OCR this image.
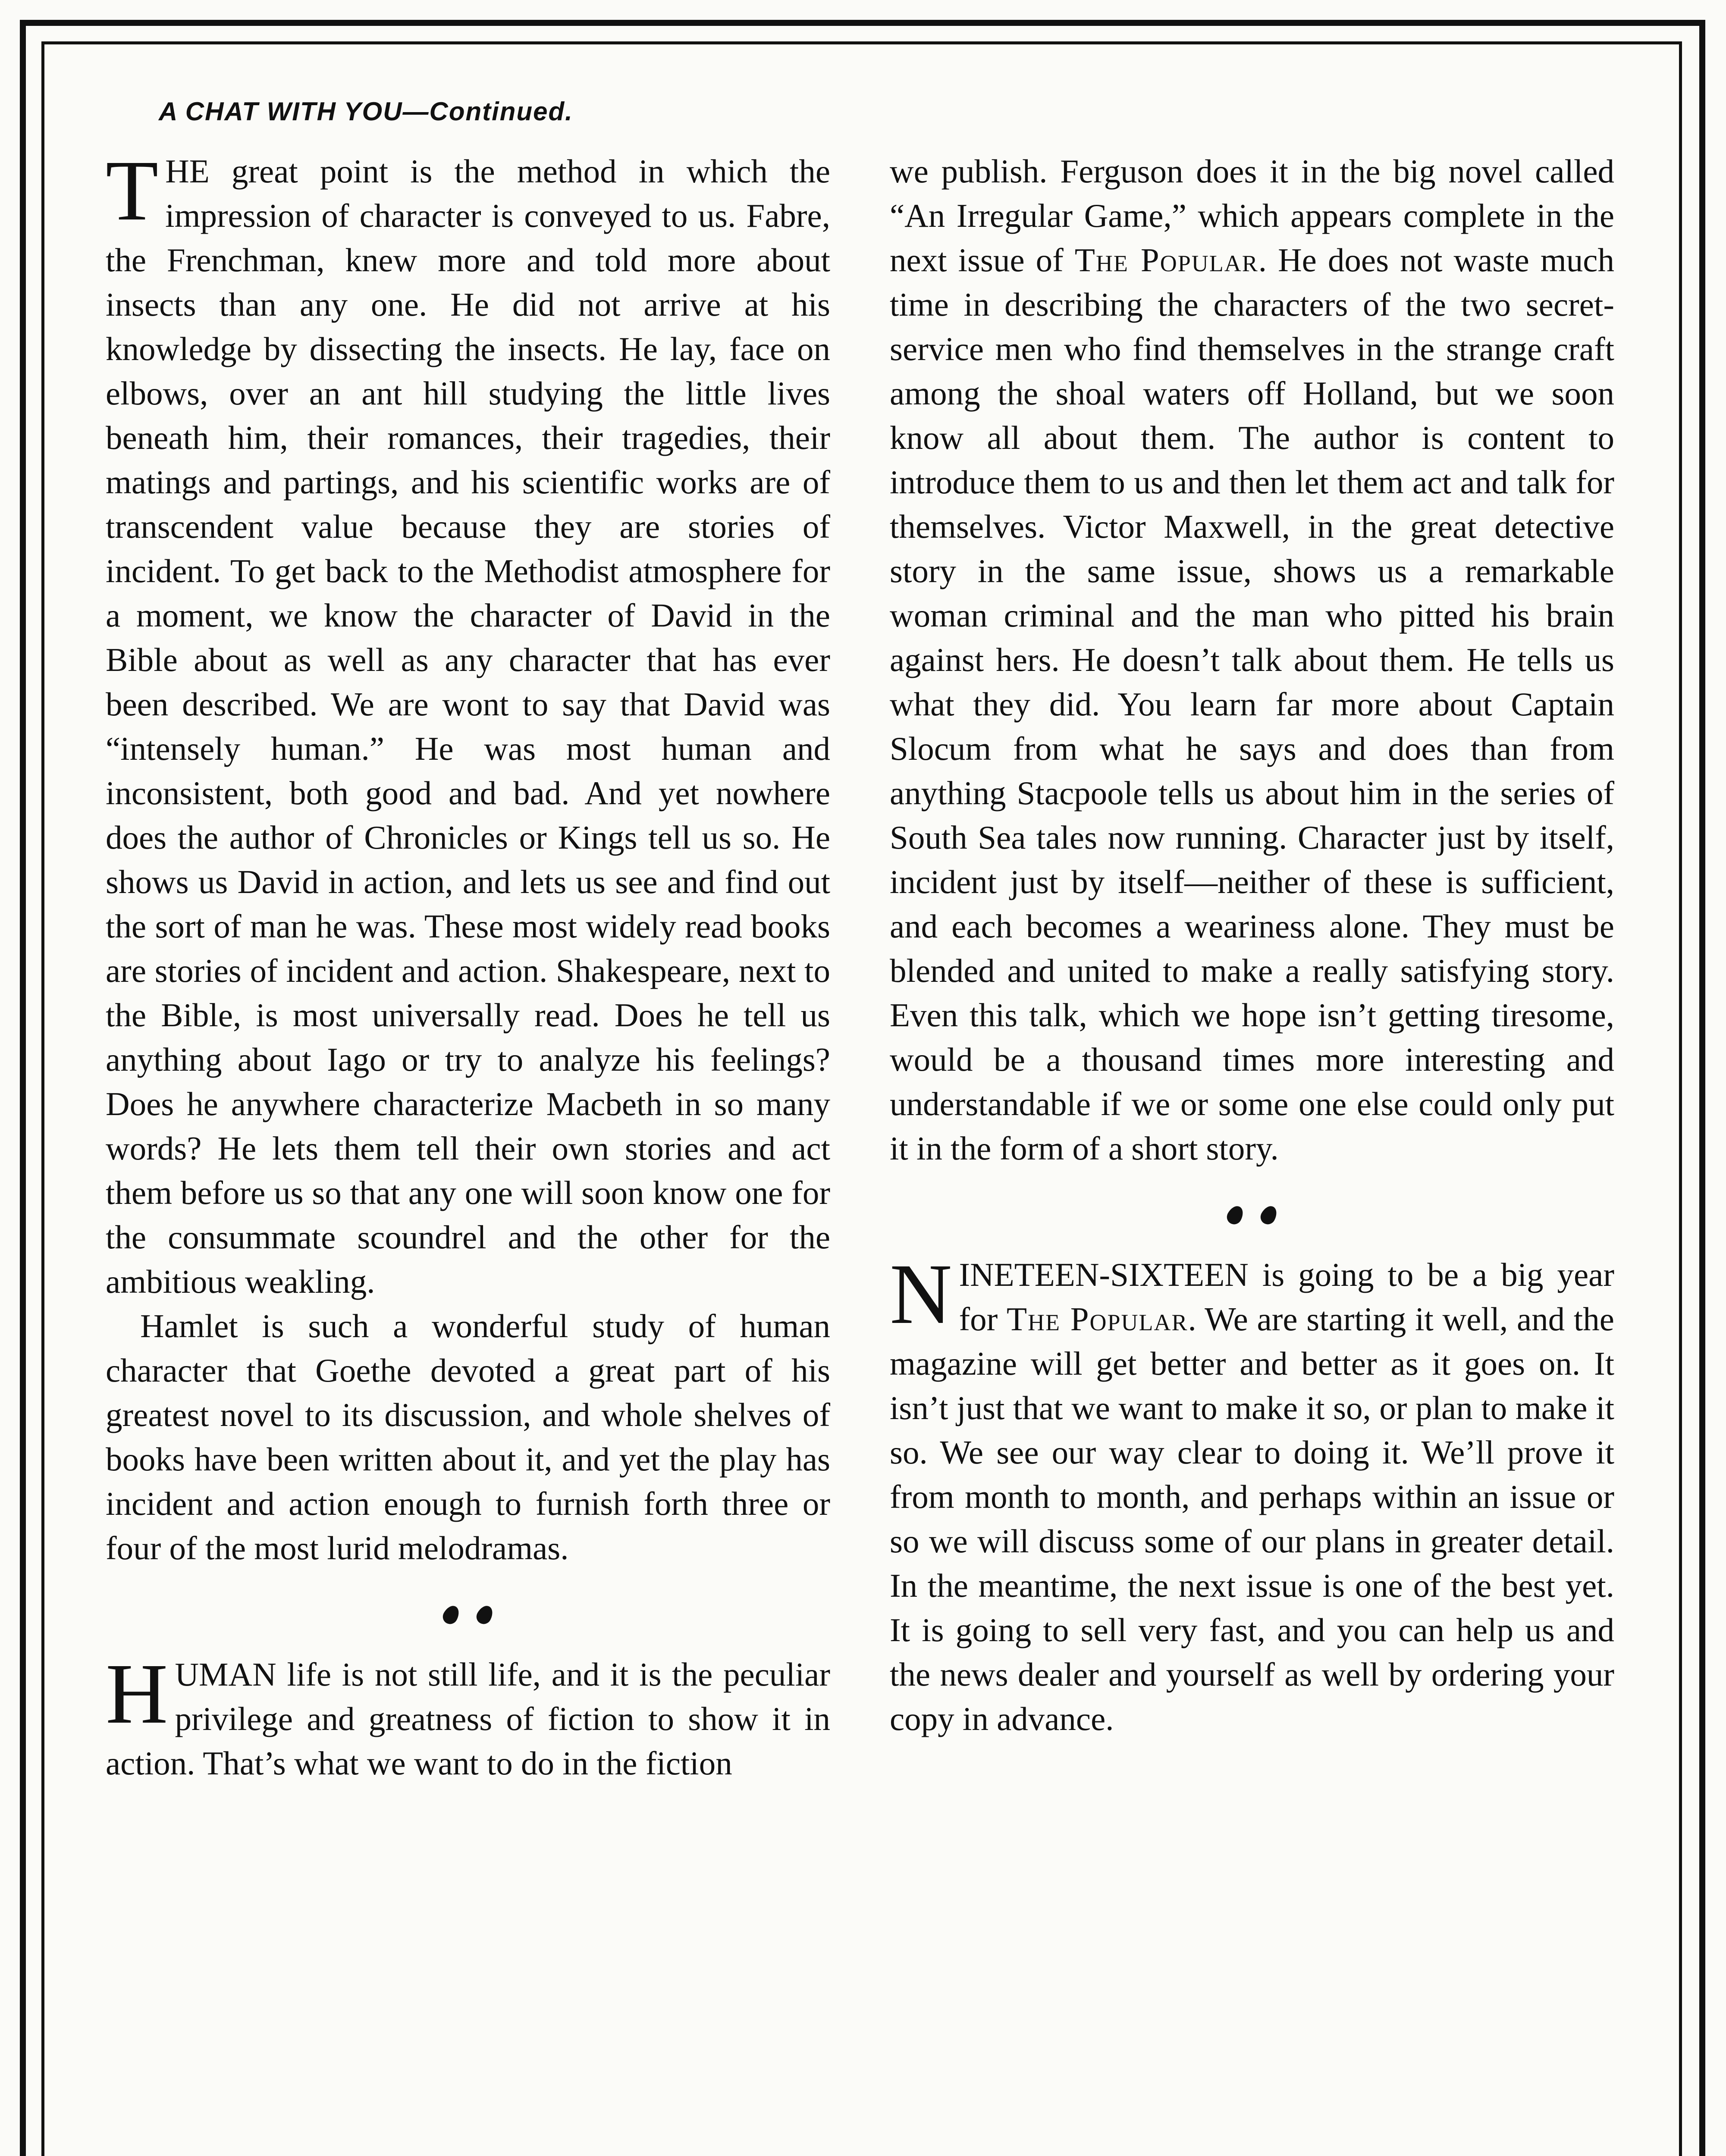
A CHAT WITH YOU—Continued.

THE great point is the method in which the impression of character is conveyed to us. Fabre, the Frenchman, knew more and told more about insects than any one. He did not arrive at his knowledge by dissecting the insects. He lay, face on elbows, over an ant hill studying the little lives beneath him, their romances, their tragedies, their matings and partings, and his scientific works are of transcendent value because they are stories of incident. To get back to the Methodist atmosphere for a moment, we know the character of David in the Bible about as well as any character that has ever been described. We are wont to say that David was “intensely human.” He was most human and inconsistent, both good and bad. And yet nowhere does the author of Chronicles or Kings tell us so. He shows us David in action, and lets us see and find out the sort of man he was. These most widely read books are stories of incident and action. Shakespeare, next to the Bible, is most universally read. Does he tell us anything about Iago or try to analyze his feelings? Does he anywhere characterize Macbeth in so many words? He lets them tell their own stories and act them before us so that any one will soon know one for the consummate scoundrel and the other for the ambitious weakling.

Hamlet is such a wonderful study of human character that Goethe devoted a great part of his greatest novel to its discussion, and whole shelves of books have been written about it, and yet the play has incident and action enough to furnish forth three or four of the most lurid melodramas.

HUMAN life is not still life, and it is the peculiar privilege and greatness of fiction to show it in action. That’s what we want to do in the fiction

we publish. Ferguson does it in the big novel called “An Irregular Game,” which appears complete in the next issue of The Popular. He does not waste much time in describing the characters of the two secret-service men who find themselves in the strange craft among the shoal waters off Holland, but we soon know all about them. The author is content to introduce them to us and then let them act and talk for themselves. Victor Maxwell, in the great detective story in the same issue, shows us a remarkable woman criminal and the man who pitted his brain against hers. He doesn’t talk about them. He tells us what they did. You learn far more about Captain Slocum from what he says and does than from anything Stacpoole tells us about him in the series of South Sea tales now running. Character just by itself, incident just by itself—neither of these is sufficient, and each becomes a weariness alone. They must be blended and united to make a really satisfying story. Even this talk, which we hope isn’t getting tiresome, would be a thousand times more interesting and understandable if we or some one else could only put it in the form of a short story.

NINETEEN-SIXTEEN is going to be a big year for The Popular. We are starting it well, and the magazine will get better and better as it goes on. It isn’t just that we want to make it so, or plan to make it so. We see our way clear to doing it. We’ll prove it from month to month, and perhaps within an issue or so we will discuss some of our plans in greater detail. In the meantime, the next issue is one of the best yet. It is going to sell very fast, and you can help us and the news dealer and yourself as well by ordering your copy in advance.
